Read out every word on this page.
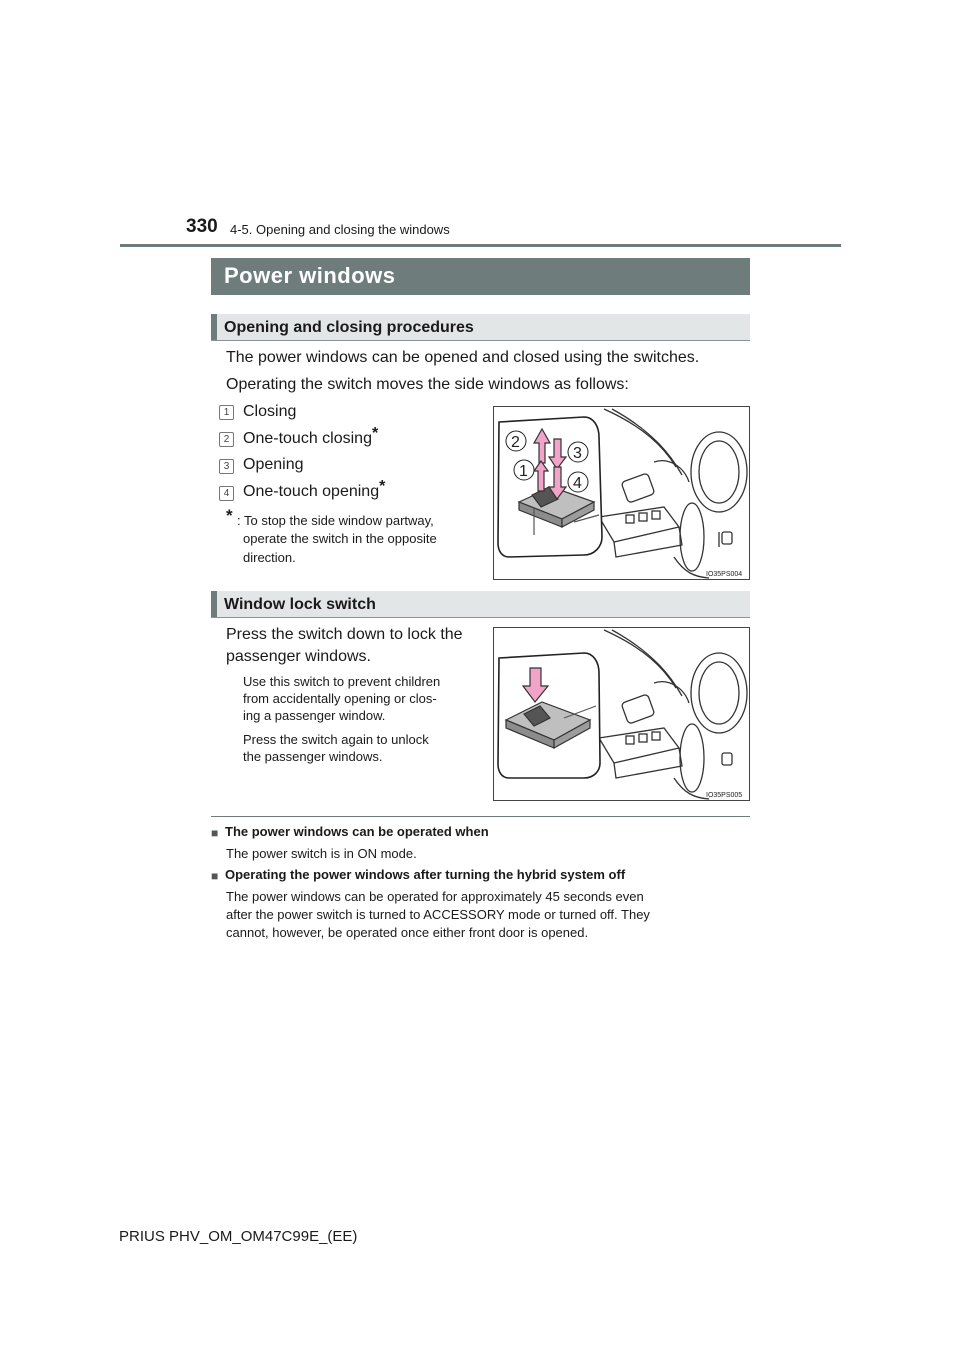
330 4-5. Opening and closing the windows
Power windows
Opening and closing procedures
The power windows can be opened and closed using the switches.
Operating the switch moves the side windows as follows:
1 Closing
2 One-touch closing*
3 Opening
4 One-touch opening*
* : To stop the side window partway,
operate the switch in the opposite
direction.
2
3
1
4
IO35PS004
Window lock switch
Press the switch down to lock the
passenger windows.
Use this switch to prevent children
from accidentally opening or clos-
ing a passenger window.
Press the switch again to unlock
the passenger windows.
IO35PS005
■ The power windows can be operated when
The power switch is in ON mode.
■ Operating the power windows after turning the hybrid system off
The power windows can be operated for approximately 45 seconds even
after the power switch is turned to ACCESSORY mode or turned off. They
cannot, however, be operated once either front door is opened.
PRIUS PHV_OM_OM47C99E_(EE)
